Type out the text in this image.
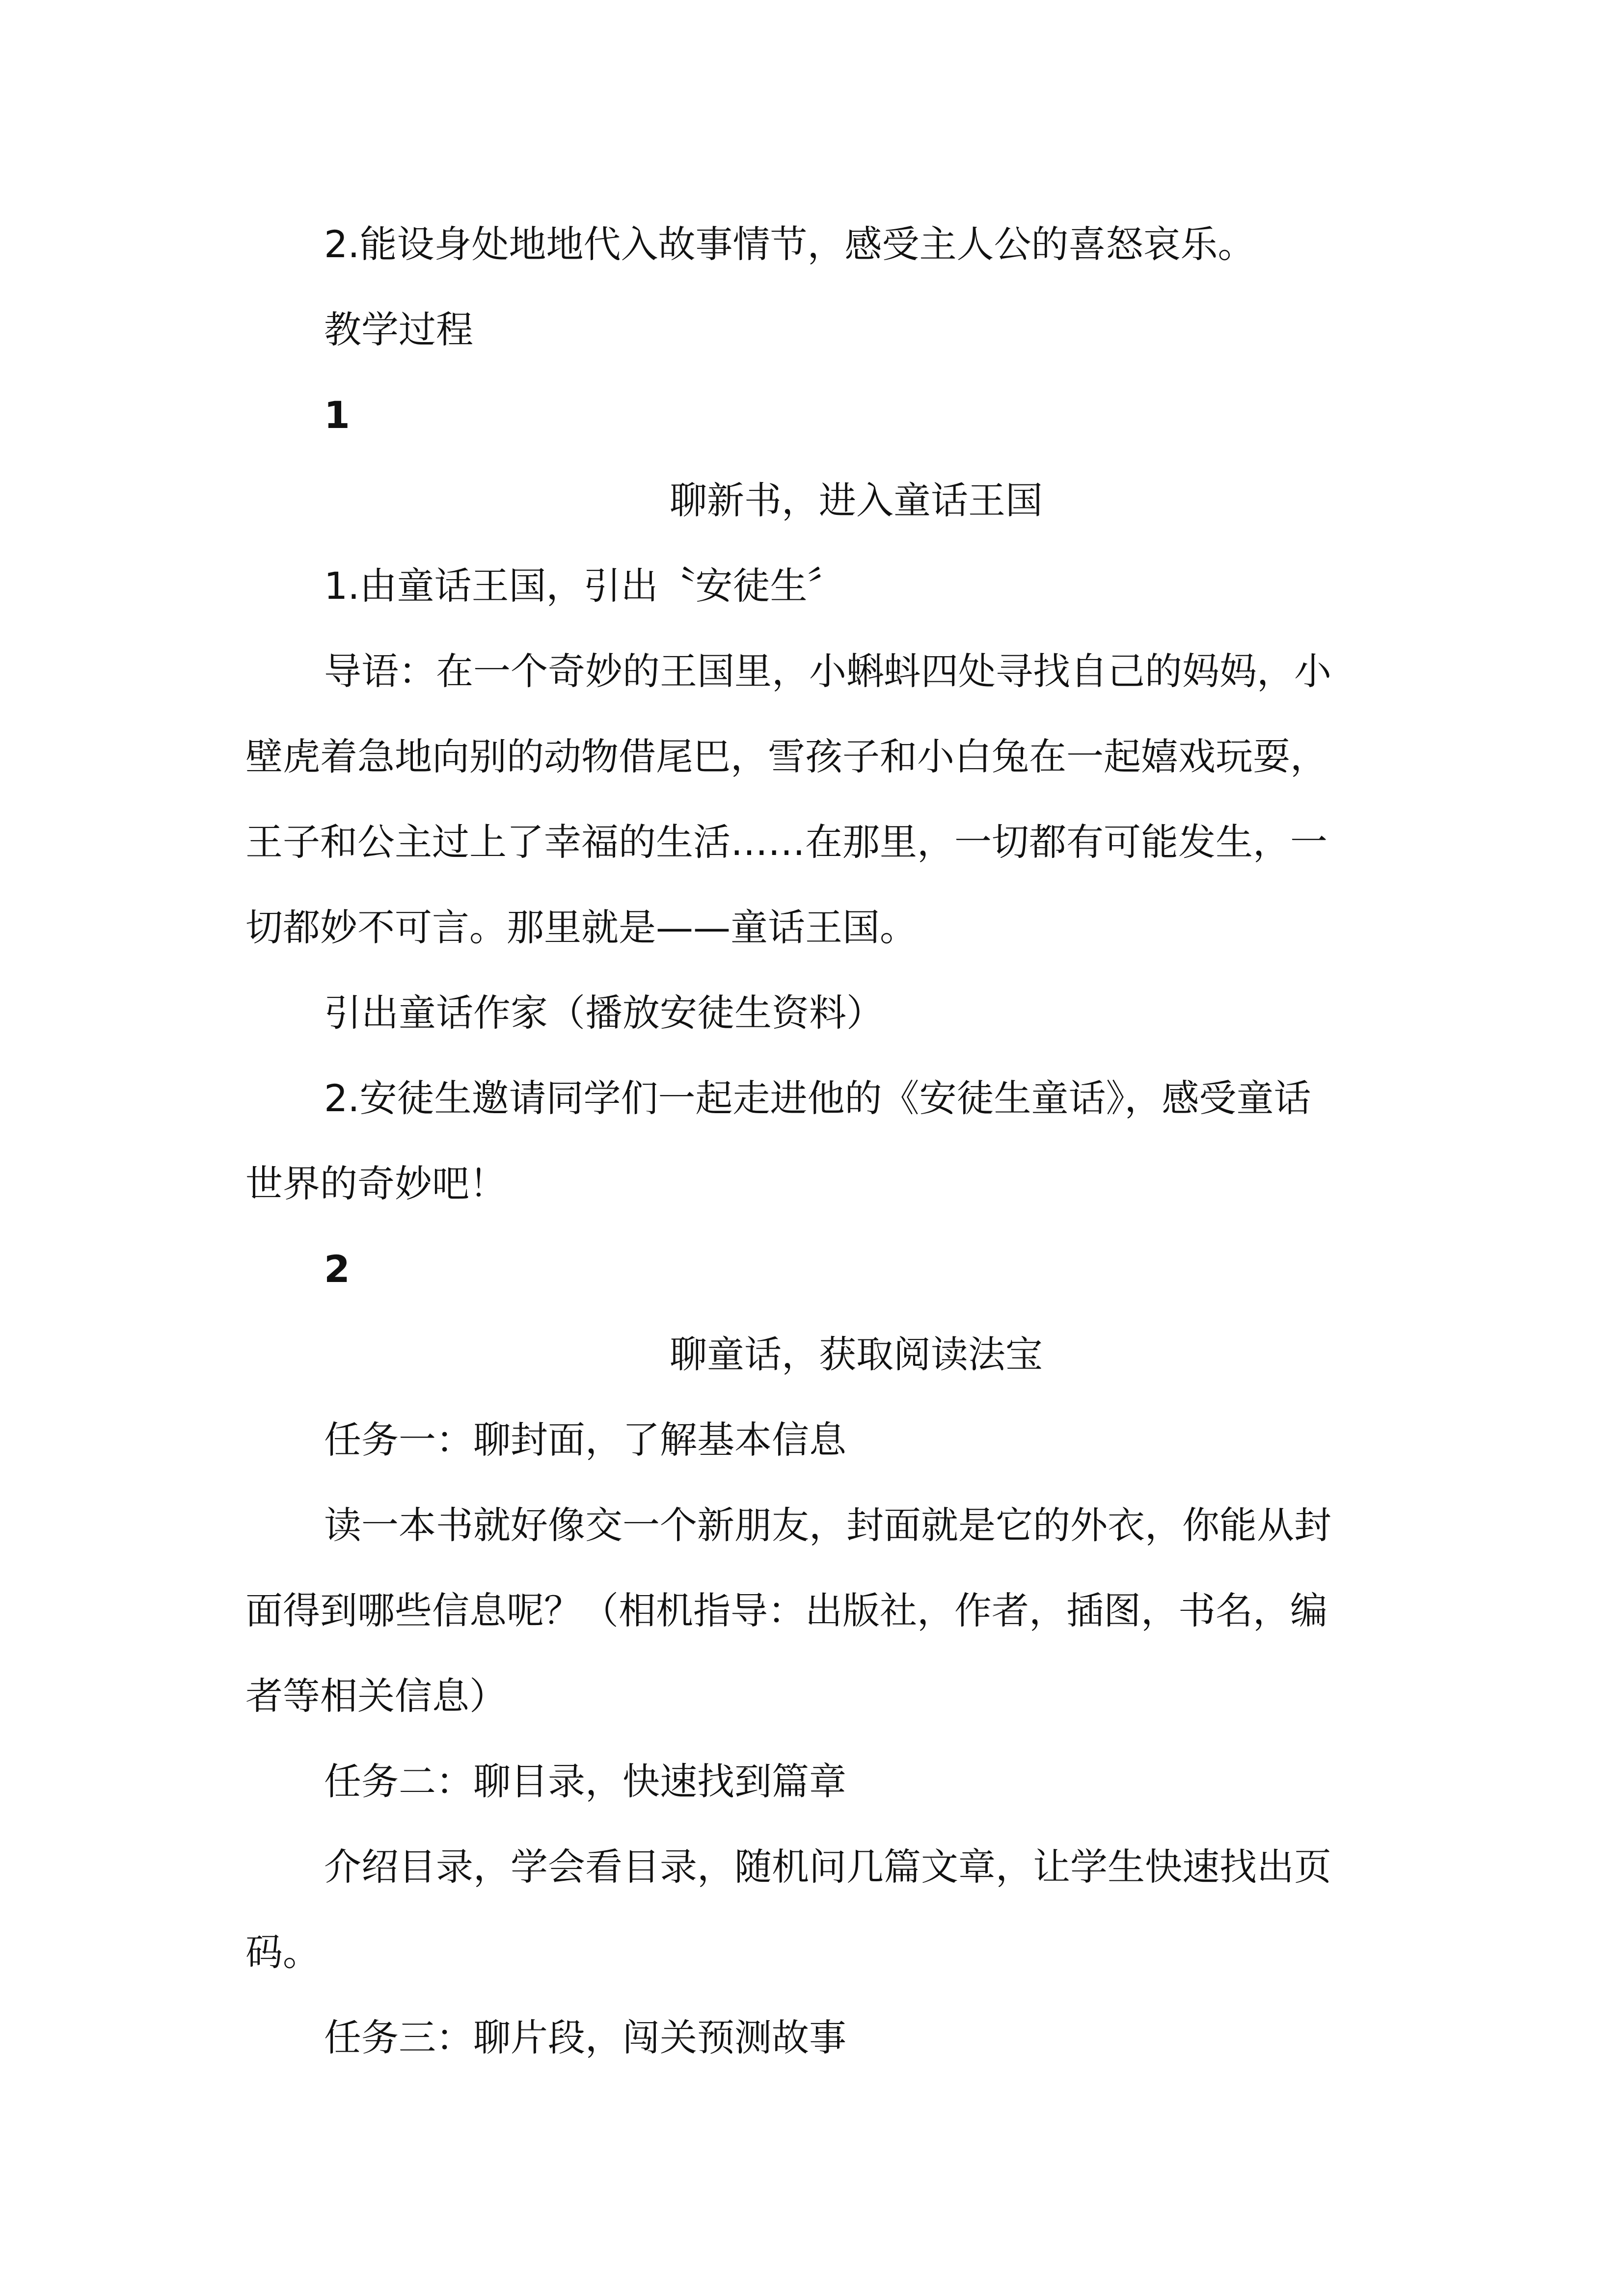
2.能设身处地地代入故事情节，感受主人公的喜怒哀乐。
教学过程
1
聊新书，进入童话王国
1.由童话王国，引出〝安徒生〞
导语：在一个奇妙的王国里，小蝌蚪四处寻找自己的妈妈，小
壁虎着急地向别的动物借尾巴，雪孩子和小白兔在一起嬉戏玩耍，
王子和公主过上了幸福的生活……在那里，一切都有可能发生，一
切都妙不可言。那里就是——童话王国。
引出童话作家（播放安徒生资料）
2.安徒生邀请同学们一起走进他的《安徒生童话》，感受童话
世界的奇妙吧！
2
聊童话，获取阅读法宝
任务一：聊封面，了解基本信息
读一本书就好像交一个新朋友，封面就是它的外衣，你能从封
面得到哪些信息呢？（相机指导：出版社，作者，插图，书名，编
者等相关信息）
任务二：聊目录，快速找到篇章
介绍目录，学会看目录，随机问几篇文章，让学生快速找出页
码。
任务三：聊片段，闯关预测故事
